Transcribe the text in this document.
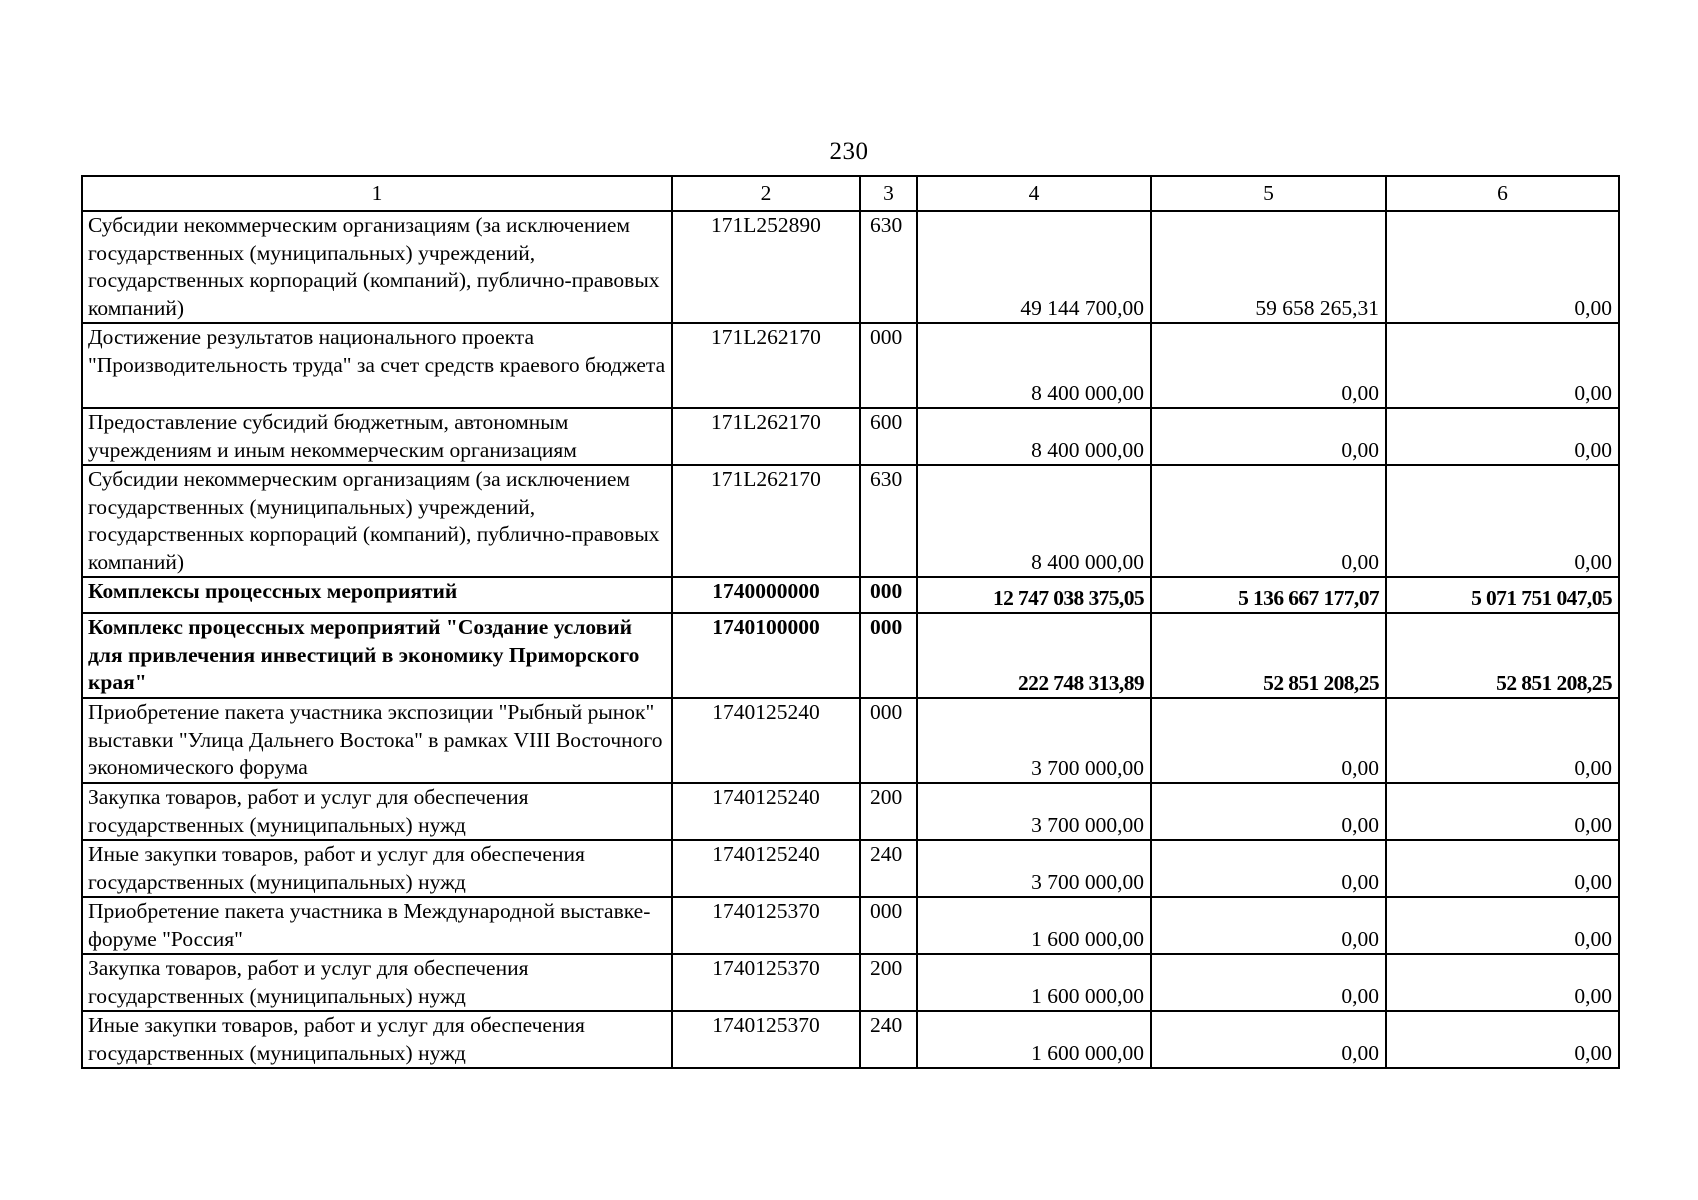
230
1	2	3	4	5	6
Субсидии некоммерческим организациям (за исключением государственных (муниципальных) учреждений, государственных корпораций (компаний), публично-правовых компаний)	171L252890	630	49 144 700,00	59 658 265,31	0,00
Достижение результатов национального проекта "Производительность труда" за счет средств краевого бюджета	171L262170	000	8 400 000,00	0,00	0,00
Предоставление субсидий бюджетным, автономным учреждениям и иным некоммерческим организациям	171L262170	600	8 400 000,00	0,00	0,00
Субсидии некоммерческим организациям (за исключением государственных (муниципальных) учреждений, государственных корпораций (компаний), публично-правовых компаний)	171L262170	630	8 400 000,00	0,00	0,00
Комплексы процессных мероприятий	1740000000	000	12 747 038 375,05	5 136 667 177,07	5 071 751 047,05
Комплекс процессных мероприятий "Создание условий для привлечения инвестиций в экономику Приморского края"	1740100000	000	222 748 313,89	52 851 208,25	52 851 208,25
Приобретение пакета участника экспозиции "Рыбный рынок" выставки "Улица Дальнего Востока" в рамках VIII Восточного экономического форума	1740125240	000	3 700 000,00	0,00	0,00
Закупка товаров, работ и услуг для обеспечения государственных (муниципальных) нужд	1740125240	200	3 700 000,00	0,00	0,00
Иные закупки товаров, работ и услуг для обеспечения государственных (муниципальных) нужд	1740125240	240	3 700 000,00	0,00	0,00
Приобретение пакета участника в Международной выставке-форуме "Россия"	1740125370	000	1 600 000,00	0,00	0,00
Закупка товаров, работ и услуг для обеспечения государственных (муниципальных) нужд	1740125370	200	1 600 000,00	0,00	0,00
Иные закупки товаров, работ и услуг для обеспечения государственных (муниципальных) нужд	1740125370	240	1 600 000,00	0,00	0,00
